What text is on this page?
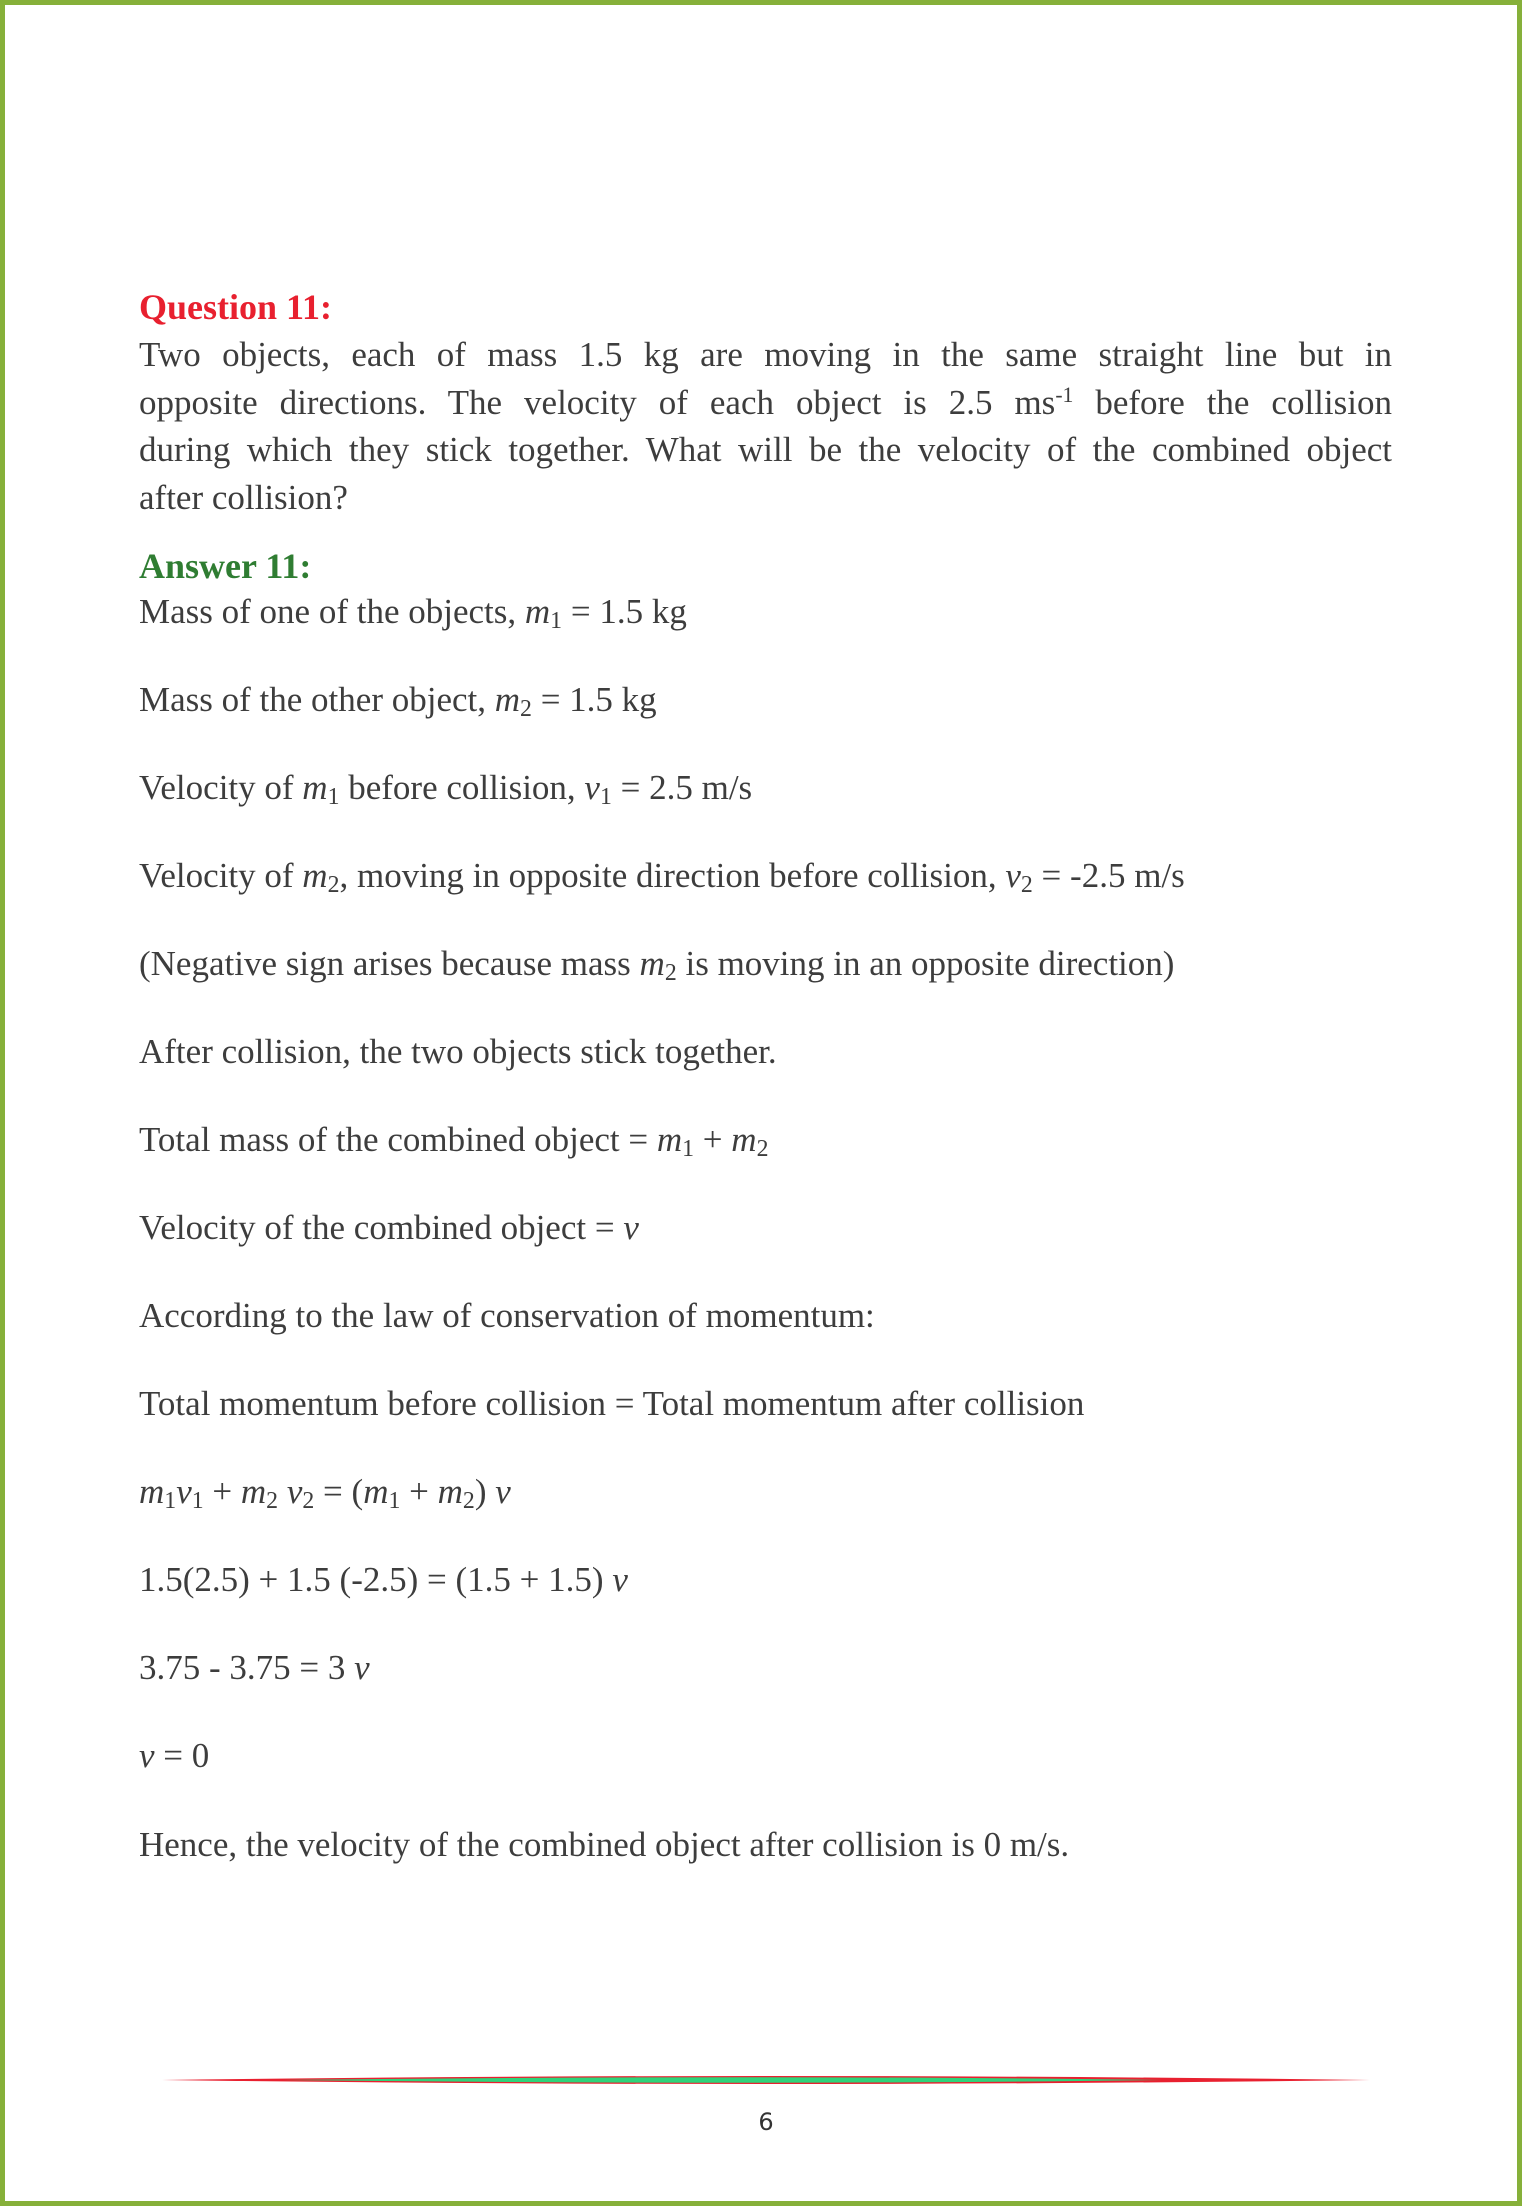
Question 11:
Two objects, each of mass 1.5 kg are moving in the same straight line but in
opposite directions. The velocity of each object is 2.5 $ms^{-1}$ before the collision
during which they stick together. What will be the velocity of the combined object
after collision?
Answer 11:
Mass of one of the objects, $m_1 = 1.5$ kg
Mass of the other object, $m_2 = 1.5$ kg
Velocity of $m_1$ before collision, $v_1 = 2.5$ m/s
Velocity of $m_2$, moving in opposite direction before collision, $v_2 = -2.5$ m/s
(Negative sign arises because mass $m_2$ is moving in an opposite direction)
After collision, the two objects stick together.
Total mass of the combined object = $m_1 + m_2$
Velocity of the combined object = v
According to the law of conservation of momentum:
Total momentum before collision = Total momentum after collision
$m_1v_1 + m_2$ $v_2 = (m_1 + m_2)$ v
1.5(2.5) + 1.5 (-2.5) = (1.5 + 1.5) v
3.75 - 3.75 = 3 v
v = 0
Hence, the velocity of the combined object after collision is 0 m/s.
6
